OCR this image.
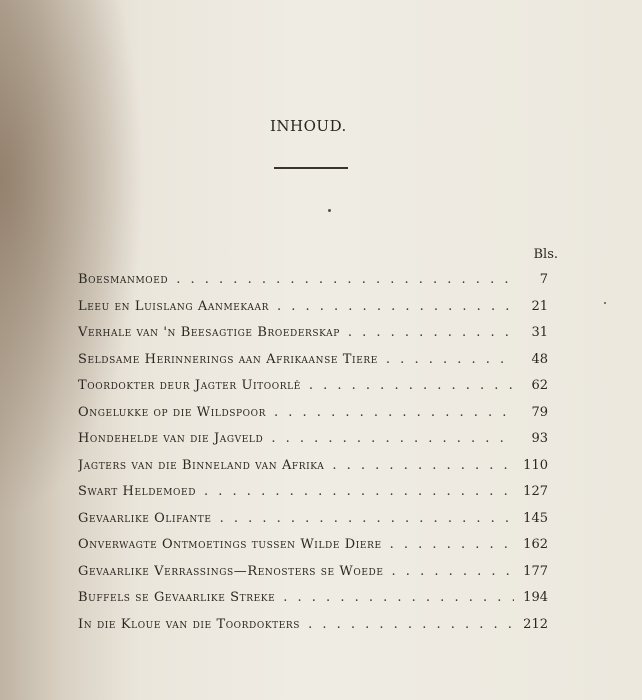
INHOUD.
Bls.
Boesmanmoed . . .	7
Leeu en Luislang Aanmekaar . . .	21
Verhale van 'n Beesagtige Broederskap . . .	31
Seldsame Herinnerings aan Afrikaanse Tiere . . .	48
Toordokter deur Jagter Uitoorlê . . .	62
Ongelukke op die Wildspoor . . .	79
Hondehelde van die Jagveld . . .	93
Jagters van die Binneland van Afrika . . .	110
Swart Heldemoed . . .	127
Gevaarlike Olifante . . .	145
Onverwagte Ontmoetings tussen Wilde Diere . . .	162
Gevaarlike Verrassings—Renosters se Woede . . .	177
Buffels se Gevaarlike Streke . . .	194
In die Kloue van die Toordokters . . .	212
